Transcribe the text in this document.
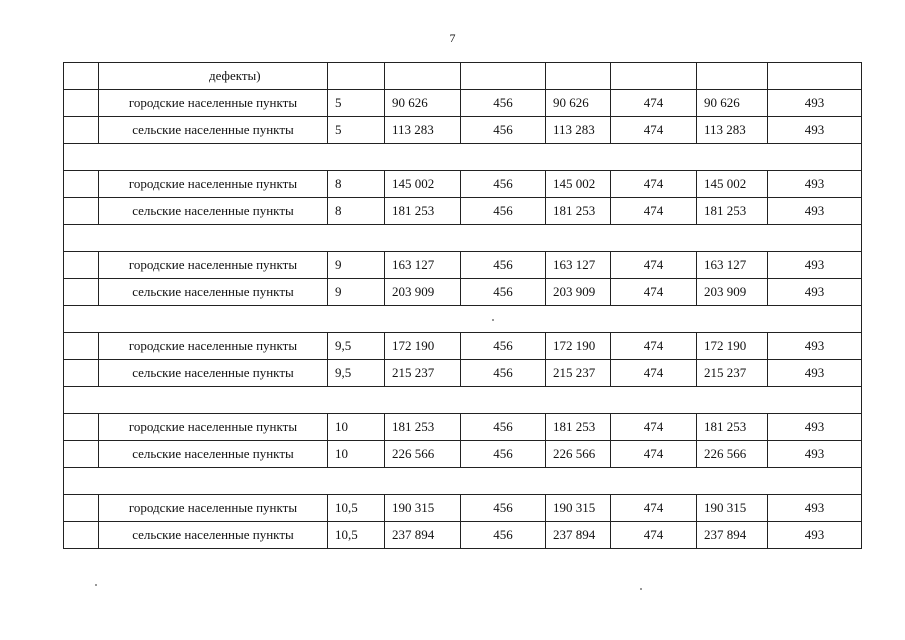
7
	дефекты)							
	городские населенные пункты	5	90 626	456	90 626	474	90 626	493
	сельские населенные пункты	5	113 283	456	113 283	474	113 283	493

	городские населенные пункты	8	145 002	456	145 002	474	145 002	493
	сельские населенные пункты	8	181 253	456	181 253	474	181 253	493

	городские населенные пункты	9	163 127	456	163 127	474	163 127	493
	сельские населенные пункты	9	203 909	456	203 909	474	203 909	493

	городские населенные пункты	9,5	172 190	456	172 190	474	172 190	493
	сельские населенные пункты	9,5	215 237	456	215 237	474	215 237	493

	городские населенные пункты	10	181 253	456	181 253	474	181 253	493
	сельские населенные пункты	10	226 566	456	226 566	474	226 566	493

	городские населенные пункты	10,5	190 315	456	190 315	474	190 315	493
	сельские населенные пункты	10,5	237 894	456	237 894	474	237 894	493
